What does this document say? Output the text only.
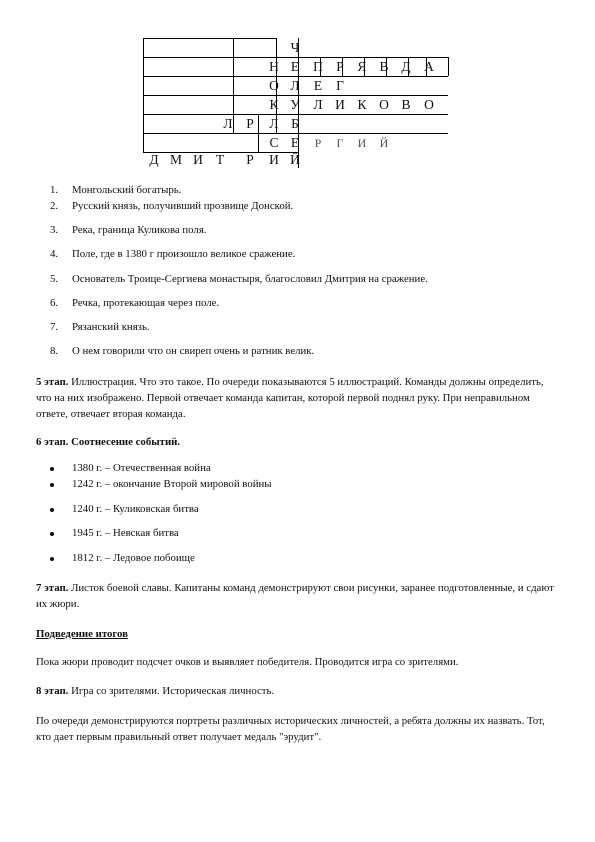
Ч
Н Е	П Р	Я В Д	А
О Л	Е	Г
К У	Л И К О В	О
Л	Р	Л Б
С Е	Р	Г	И	Й
Д М И Т	Р	И Й
1.	Монгольский богатырь.
2.	Русский князь, получивший прозвище Донской.
3.	Река, граница Куликова поля.
4.	Поле, где в 1380 г произошло великое сражение.
5.	Основатель Троице-Сергиева монастыря, благословил Дмитрия на сражение.
6.	Речка, протекающая через поле.
7.	Рязанский князь.
8.	О нем говорили что он свиреп очень и ратник велик.
5 этап. Иллюстрация. Что это такое. По очереди показываются 5 иллюстраций. Команды должны определить, что на них изображено. Первой отвечает команда капитан, которой первой поднял руку. При неправильном ответе, отвечает вторая команда.
6 этап. Соотнесение событий.
1380 г. – Отечественная война
1242 г. – окончание Второй мировой войны
1240 г. – Куликовская битва
1945 г. – Невская битва
1812 г. – Ледовое побоище
7 этап. Листок боевой славы. Капитаны команд демонстрируют свои рисунки, заранее подготовленные, и сдают их жюри.
Подведение итогов
Пока жюри проводит подсчет очков и выявляет победителя. Проводится игра со зрителями.
8 этап. Игра со зрителями. Историческая личность.
По очереди демонстрируются портреты различных исторических личностей, а ребята должны их назвать. Тот, кто дает первым правильный ответ получает медаль "эрудит".
